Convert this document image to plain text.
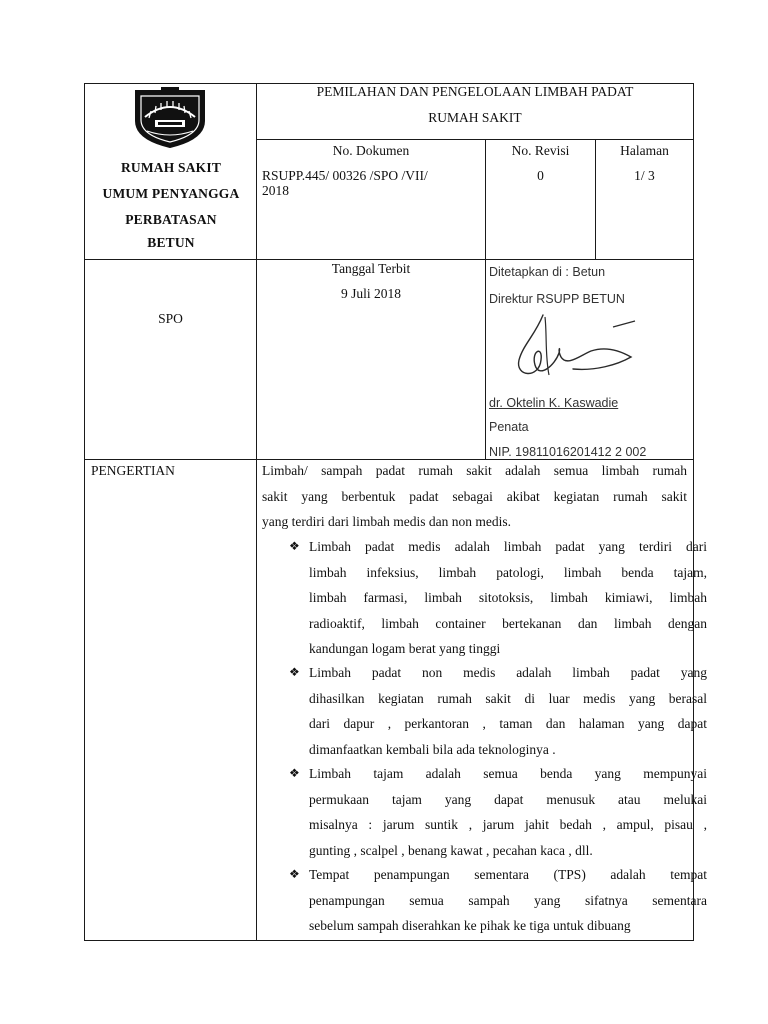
RUMAH SAKIT
UMUM PENYANGGA
PERBATASAN
BETUN
PEMILAHAN DAN PENGELOLAAN LIMBAH PADAT
RUMAH SAKIT
No. Dokumen
RSUPP.445/ 00326 /SPO /VII/
2018
No. Revisi
0
Halaman
1/ 3
SPO
Tanggal Terbit
9 Juli 2018
Ditetapkan di : Betun
Direktur RSUPP BETUN
dr. Oktelin K. Kaswadie
Penata
NIP. 19811016201412 2 002
PENGERTIAN	Limbah/ sampah padat rumah sakit adalah semua limbah rumah
sakit yang berbentuk padat sebagai akibat kegiatan rumah sakit
yang terdiri dari limbah medis dan non medis.
❖ Limbah padat medis adalah limbah padat yang terdiri dari
limbah infeksius, limbah patologi, limbah benda tajam,
limbah farmasi, limbah sitotoksis, limbah kimiawi, limbah
radioaktif, limbah container bertekanan dan limbah dengan
kandungan logam berat yang tinggi
❖ Limbah padat non medis adalah limbah padat yang
dihasilkan kegiatan rumah sakit di luar medis yang berasal
dari dapur , perkantoran , taman dan halaman yang dapat
dimanfaatkan kembali bila ada teknologinya .
❖ Limbah tajam adalah semua benda yang mempunyai
permukaan tajam yang dapat menusuk atau melukai
misalnya : jarum suntik , jarum jahit bedah , ampul, pisau ,
gunting , scalpel , benang kawat , pecahan kaca , dll.
❖ Tempat penampungan sementara (TPS) adalah tempat
penampungan semua sampah yang sifatnya sementara
sebelum sampah diserahkan ke pihak ke tiga untuk dibuang
